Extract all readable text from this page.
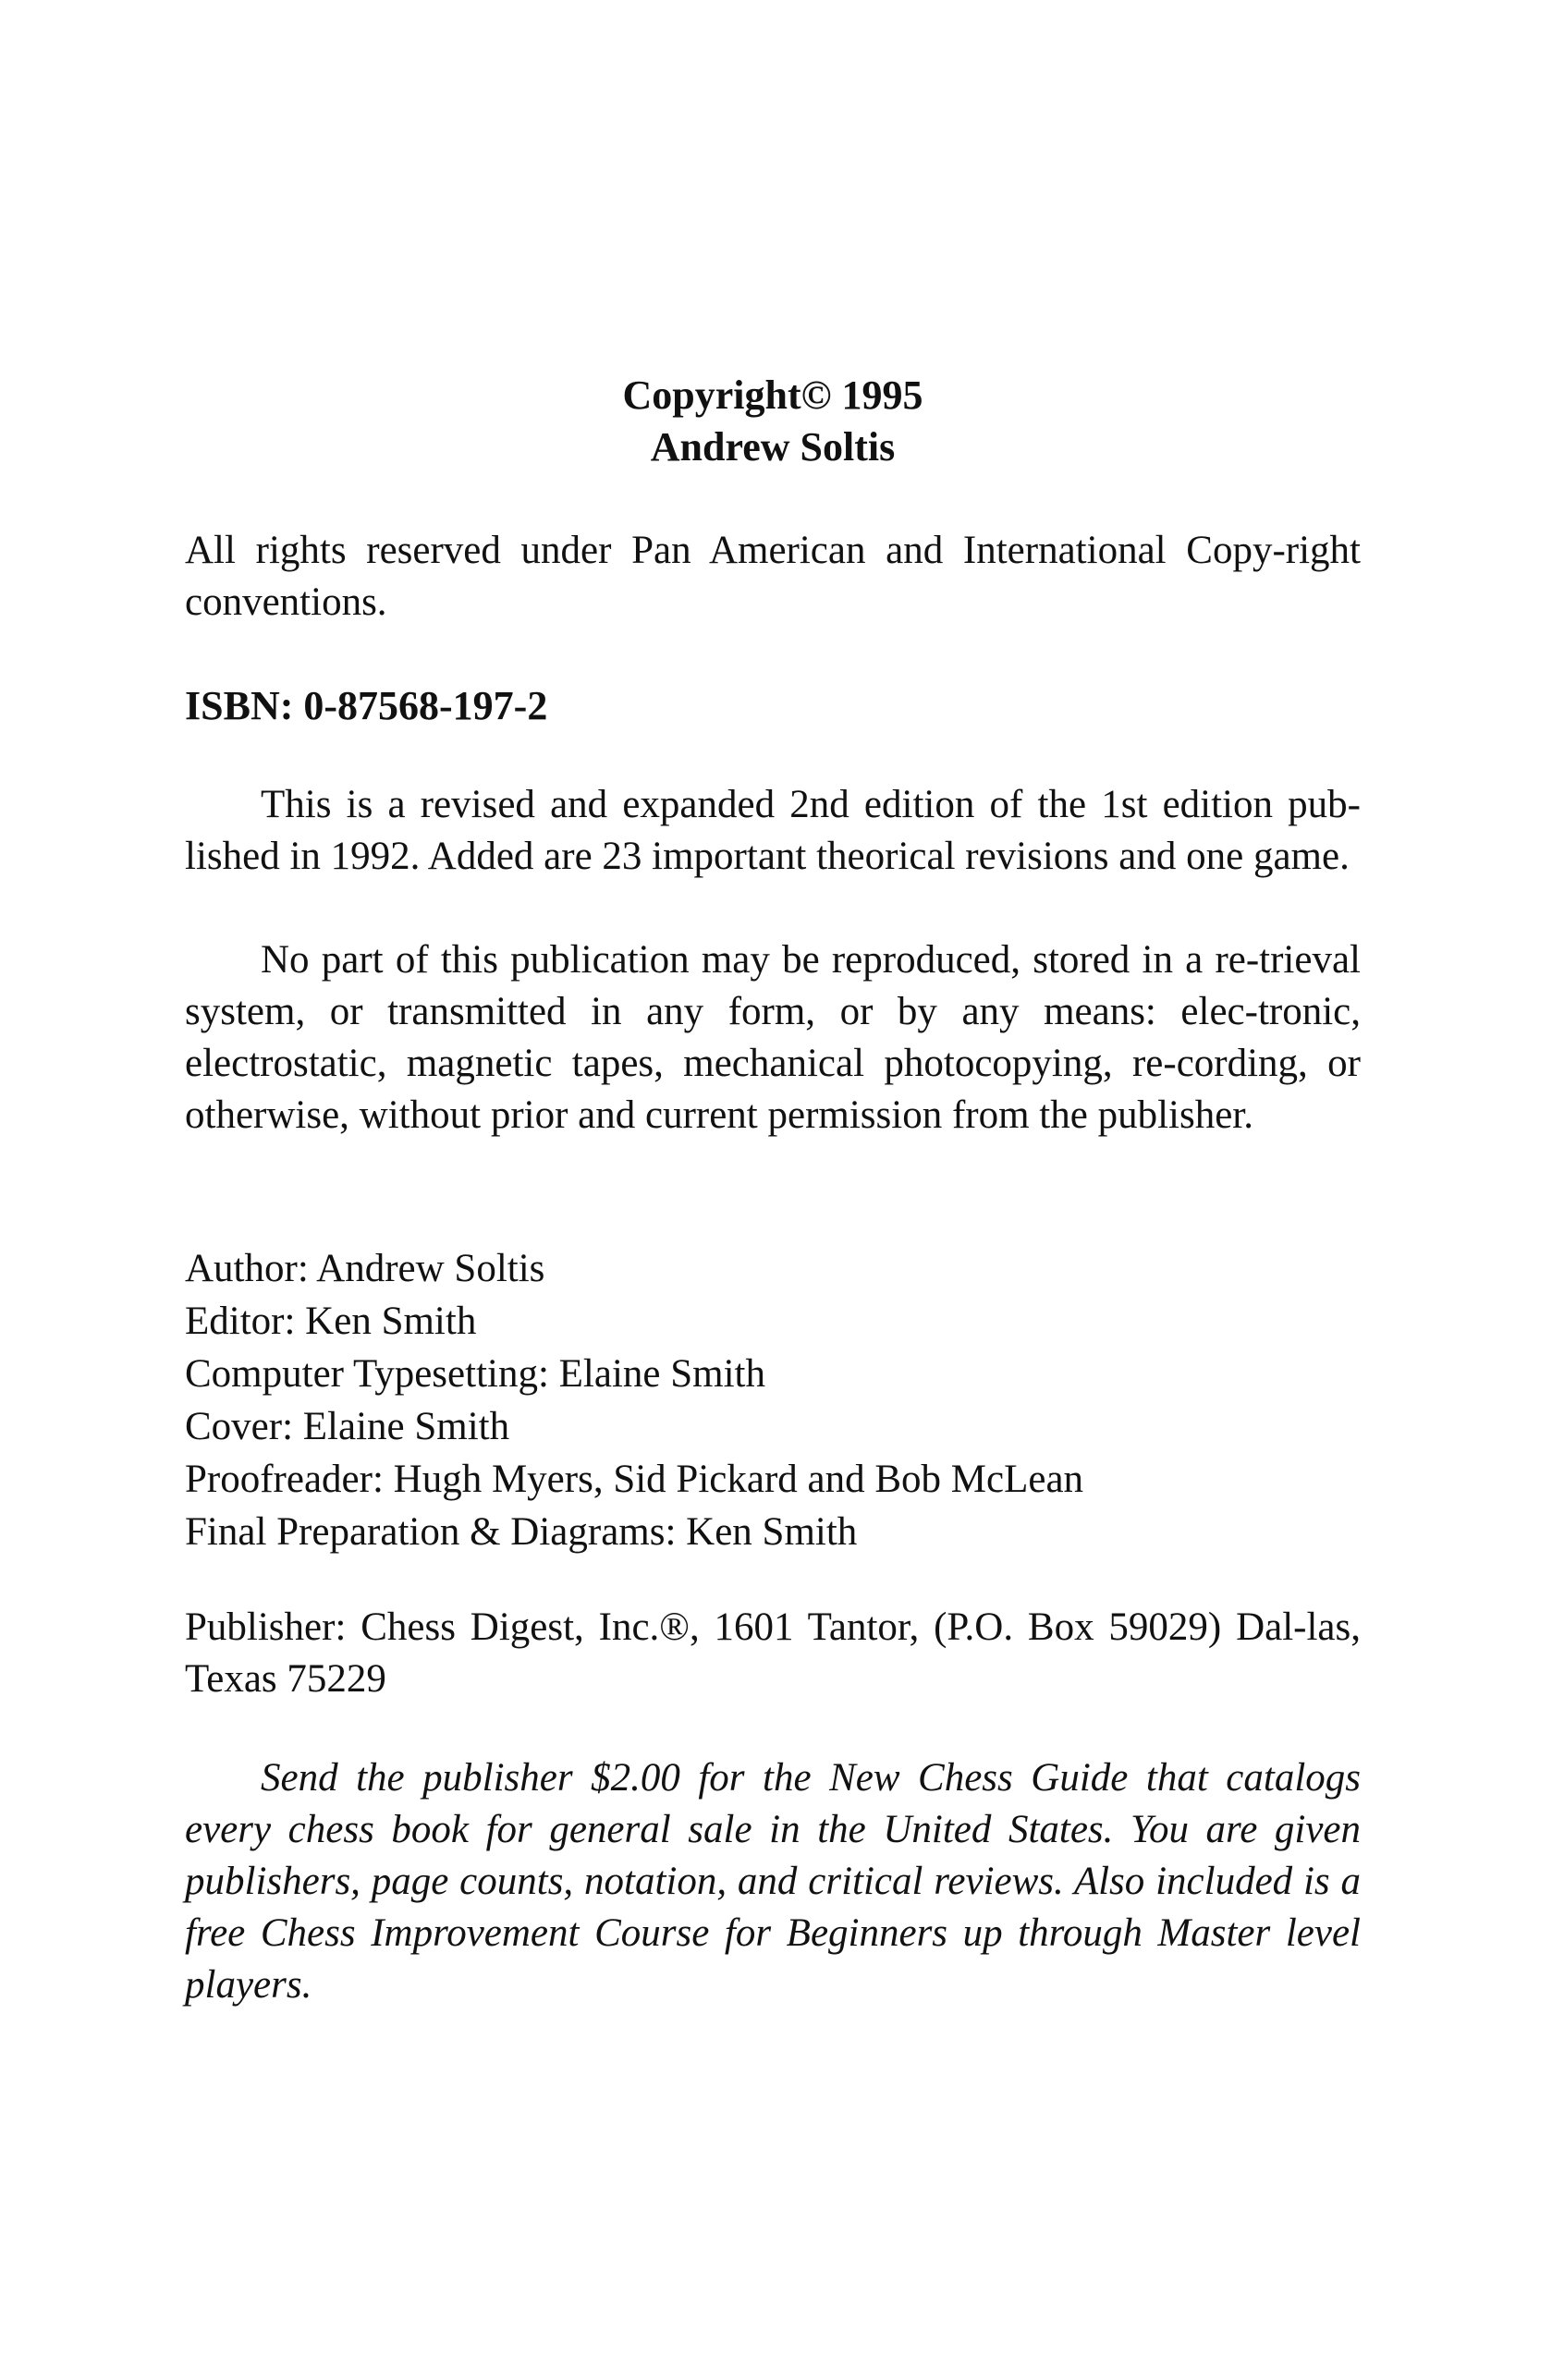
Copyright© 1995
Andrew Soltis
All rights reserved under Pan American and International Copy-right conventions.
ISBN: 0-87568-197-2
This is a revised and expanded 2nd edition of the 1st edition pub-lished in 1992. Added are 23 important theorical revisions and one game.
No part of this publication may be reproduced, stored in a re-trieval system, or transmitted in any form, or by any means: elec-tronic, electrostatic, magnetic tapes, mechanical photocopying, re-cording, or otherwise, without prior and current permission from the publisher.
Author: Andrew Soltis
Editor: Ken Smith
Computer Typesetting: Elaine Smith
Cover: Elaine Smith
Proofreader: Hugh Myers, Sid Pickard and Bob McLean
Final Preparation & Diagrams: Ken Smith
Publisher: Chess Digest, Inc.®, 1601 Tantor, (P.O. Box 59029) Dal-las, Texas 75229
Send the publisher $2.00 for the New Chess Guide that catalogs every chess book for general sale in the United States. You are given publishers, page counts, notation, and critical reviews. Also included is a free Chess Improvement Course for Beginners up through Master level players.
